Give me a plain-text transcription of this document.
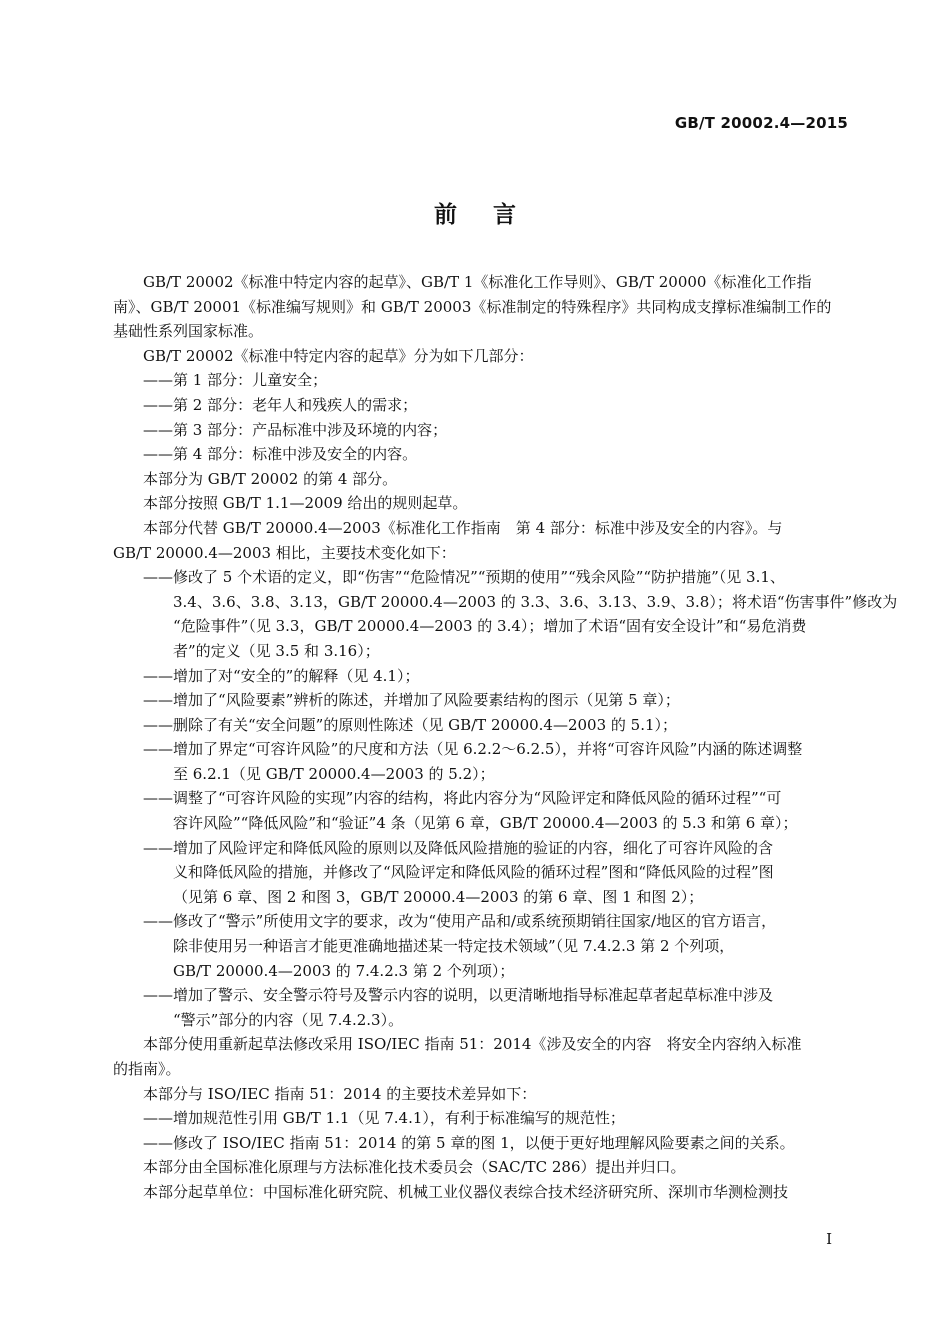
GB/T 20002.4—2015
前 言

GB/T 20002《标准中特定内容的起草》、GB/T 1《标准化工作导则》、GB/T 20000《标准化工作指
南》、GB/T 20001《标准编写规则》和 GB/T 20003《标准制定的特殊程序》共同构成支撑标准编制工作的
基础性系列国家标准。

GB/T 20002《标准中特定内容的起草》分为如下几部分：

——第 1 部分：儿童安全；

——第 2 部分：老年人和残疾人的需求；

——第 3 部分：产品标准中涉及环境的内容；

——第 4 部分：标准中涉及安全的内容。

本部分为 GB/T 20002 的第 4 部分。

本部分按照 GB/T 1.1—2009 给出的规则起草。

本部分代替 GB/T 20000.4—2003《标准化工作指南　第 4 部分：标准中涉及安全的内容》。与
GB/T 20000.4—2003 相比，主要技术变化如下：

——修改了 5 个术语的定义，即“伤害”“危险情况”“预期的使用”“残余风险”“防护措施”（见 3.1、
3.4、3.6、3.8、3.13，GB/T 20000.4—2003 的 3.3、3.6、3.13、3.9、3.8）；将术语“伤害事件”修改为
“危险事件”（见 3.3，GB/T 20000.4—2003 的 3.4）；增加了术语“固有安全设计”和“易危消费
者”的定义（见 3.5 和 3.16）；

——增加了对“安全的”的解释（见 4.1）；

——增加了“风险要素”辨析的陈述，并增加了风险要素结构的图示（见第 5 章）；

——删除了有关“安全问题”的原则性陈述（见 GB/T 20000.4—2003 的 5.1）；

——增加了界定“可容许风险”的尺度和方法（见 6.2.2～6.2.5），并将“可容许风险”内涵的陈述调整
至 6.2.1（见 GB/T 20000.4—2003 的 5.2）；

——调整了“可容许风险的实现”内容的结构，将此内容分为“风险评定和降低风险的循环过程”“可
容许风险”“降低风险”和“验证”4 条（见第 6 章，GB/T 20000.4—2003 的 5.3 和第 6 章）；

——增加了风险评定和降低风险的原则以及降低风险措施的验证的内容，细化了可容许风险的含
义和降低风险的措施，并修改了“风险评定和降低风险的循环过程”图和“降低风险的过程”图
（见第 6 章、图 2 和图 3，GB/T 20000.4—2003 的第 6 章、图 1 和图 2）；

——修改了“警示”所使用文字的要求，改为“使用产品和/或系统预期销往国家/地区的官方语言，
除非使用另一种语言才能更准确地描述某一特定技术领域”（见 7.4.2.3 第 2 个列项，
GB/T 20000.4—2003 的 7.4.2.3 第 2 个列项）；

——增加了警示、安全警示符号及警示内容的说明，以更清晰地指导标准起草者起草标准中涉及
“警示”部分的内容（见 7.4.2.3）。

本部分使用重新起草法修改采用 ISO/IEC 指南 51：2014《涉及安全的内容　将安全内容纳入标准
的指南》。

本部分与 ISO/IEC 指南 51：2014 的主要技术差异如下：

——增加规范性引用 GB/T 1.1（见 7.4.1），有利于标准编写的规范性；

——修改了 ISO/IEC 指南 51：2014 的第 5 章的图 1，以便于更好地理解风险要素之间的关系。

本部分由全国标准化原理与方法标准化技术委员会（SAC/TC 286）提出并归口。

本部分起草单位：中国标准化研究院、机械工业仪器仪表综合技术经济研究所、深圳市华测检测技

I
